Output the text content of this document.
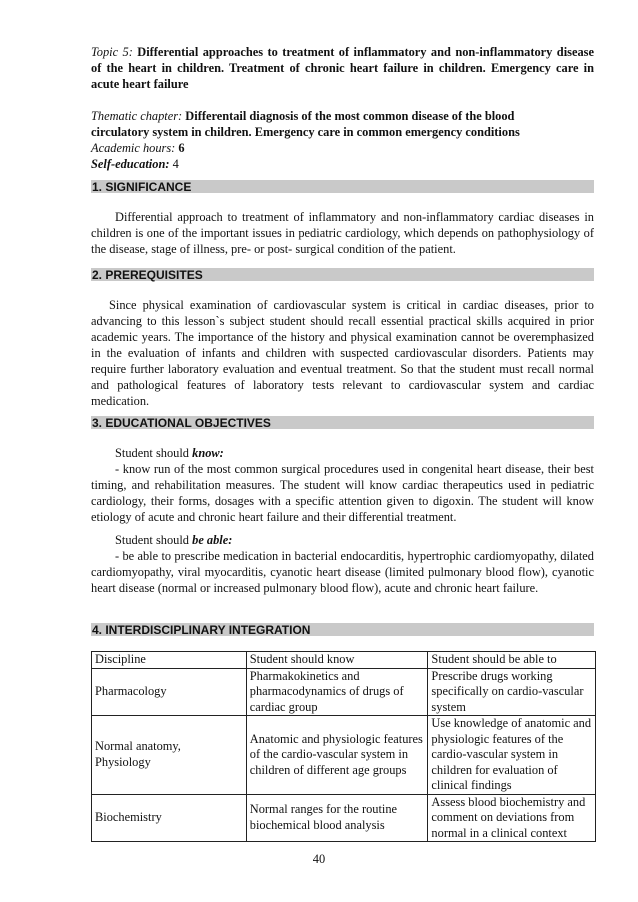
Topic 5: Differential approaches to treatment of inflammatory and non-inflammatory disease of the heart in children. Treatment of chronic heart failure in children. Emergency care in acute heart failure

Thematic chapter: Differentail diagnosis of the most common disease of the blood circulatory system in children. Emergency care in common emergency conditions

Academic hours: 6

Self-education: 4

1. SIGNIFICANCE

Differential approach to treatment of inflammatory and non-inflammatory cardiac diseases in children is one of the important issues in pediatric cardiology, which depends on pathophysiology of the disease, stage of illness, pre- or post- surgical condition of the patient.

2. PREREQUISITES

Since physical examination of cardiovascular system is critical in cardiac diseases, prior to advancing to this lesson`s subject student should recall essential practical skills acquired in prior academic years. The importance of the history and physical examination cannot be overemphasized in the evaluation of infants and children with suspected cardiovascular disorders. Patients may require further laboratory evaluation and eventual treatment. So that the student must recall normal and pathological features of laboratory tests relevant to cardiovascular system and cardiac medication.

3. EDUCATIONAL OBJECTIVES

Student should know:

- know run of the most common surgical procedures used in congenital heart disease, their best timing, and rehabilitation measures. The student will know cardiac therapeutics used in pediatric cardiology, their forms, dosages with a specific attention given to digoxin. The student will know etiology of acute and chronic heart failure and their differential treatment.

Student should be able:

- be able to prescribe medication in bacterial endocarditis, hypertrophic cardiomyopathy, dilated cardiomyopathy, viral myocarditis, cyanotic heart disease (limited pulmonary blood flow), cyanotic heart disease (normal or increased pulmonary blood flow), acute and chronic heart failure.

4. INTERDISCIPLINARY INTEGRATION
Discipline	Student should know	Student should be able to
Pharmacology	Pharmakokinetics and pharmacodynamics of drugs of cardiac group	Prescribe drugs working specifically on cardio-vascular system
Normal anatomy, Physiology	Anatomic and physiologic features of the cardio-vascular system in children of different age groups	Use knowledge of anatomic and physiologic features of the cardio-vascular system in children for evaluation of clinical findings
Biochemistry	Normal ranges for the routine biochemical blood analysis	Assess blood biochemistry and comment on deviations from normal in a clinical context
40
